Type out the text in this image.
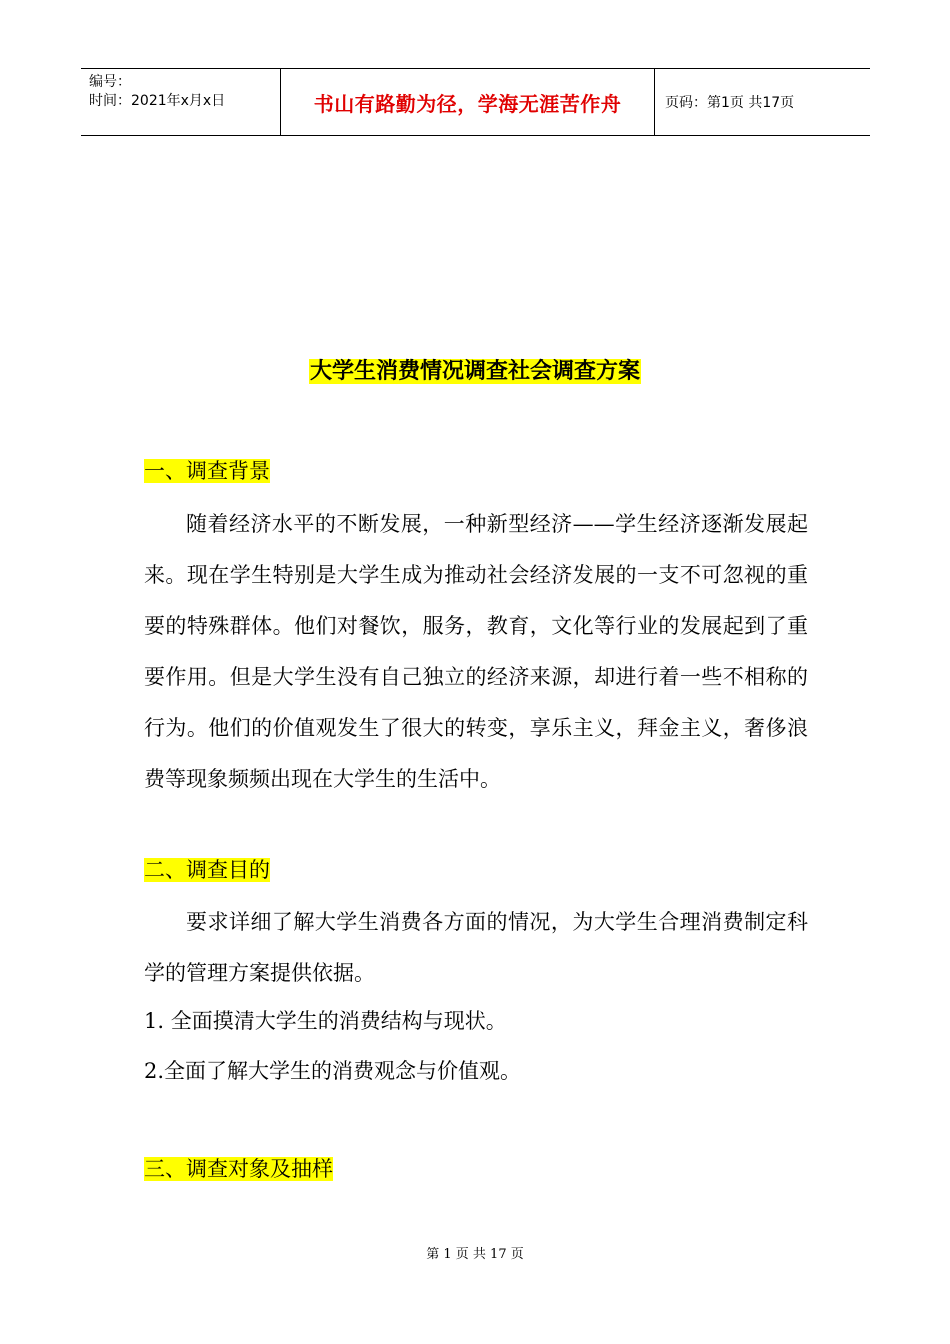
编号：
时间：2021年x月x日	书山有路勤为径，学海无涯苦作舟	页码：第1页 共17页
大学生消费情况调查社会调查方案
一、调查背景
随着经济水平的不断发展，一种新型经济——学生经济逐渐发展起来。现在学生特别是大学生成为推动社会经济发展的一支不可忽视的重要的特殊群体。他们对餐饮，服务，教育，文化等行业的发展起到了重要作用。但是大学生没有自己独立的经济来源，却进行着一些不相称的行为。他们的价值观发生了很大的转变，享乐主义，拜金主义，奢侈浪费等现象频频出现在大学生的生活中。
二、调查目的
要求详细了解大学生消费各方面的情况，为大学生合理消费制定科学的管理方案提供依据。
1. 全面摸清大学生的消费结构与现状。
2.全面了解大学生的消费观念与价值观。
三、调查对象及抽样
第 1 页 共 17 页
